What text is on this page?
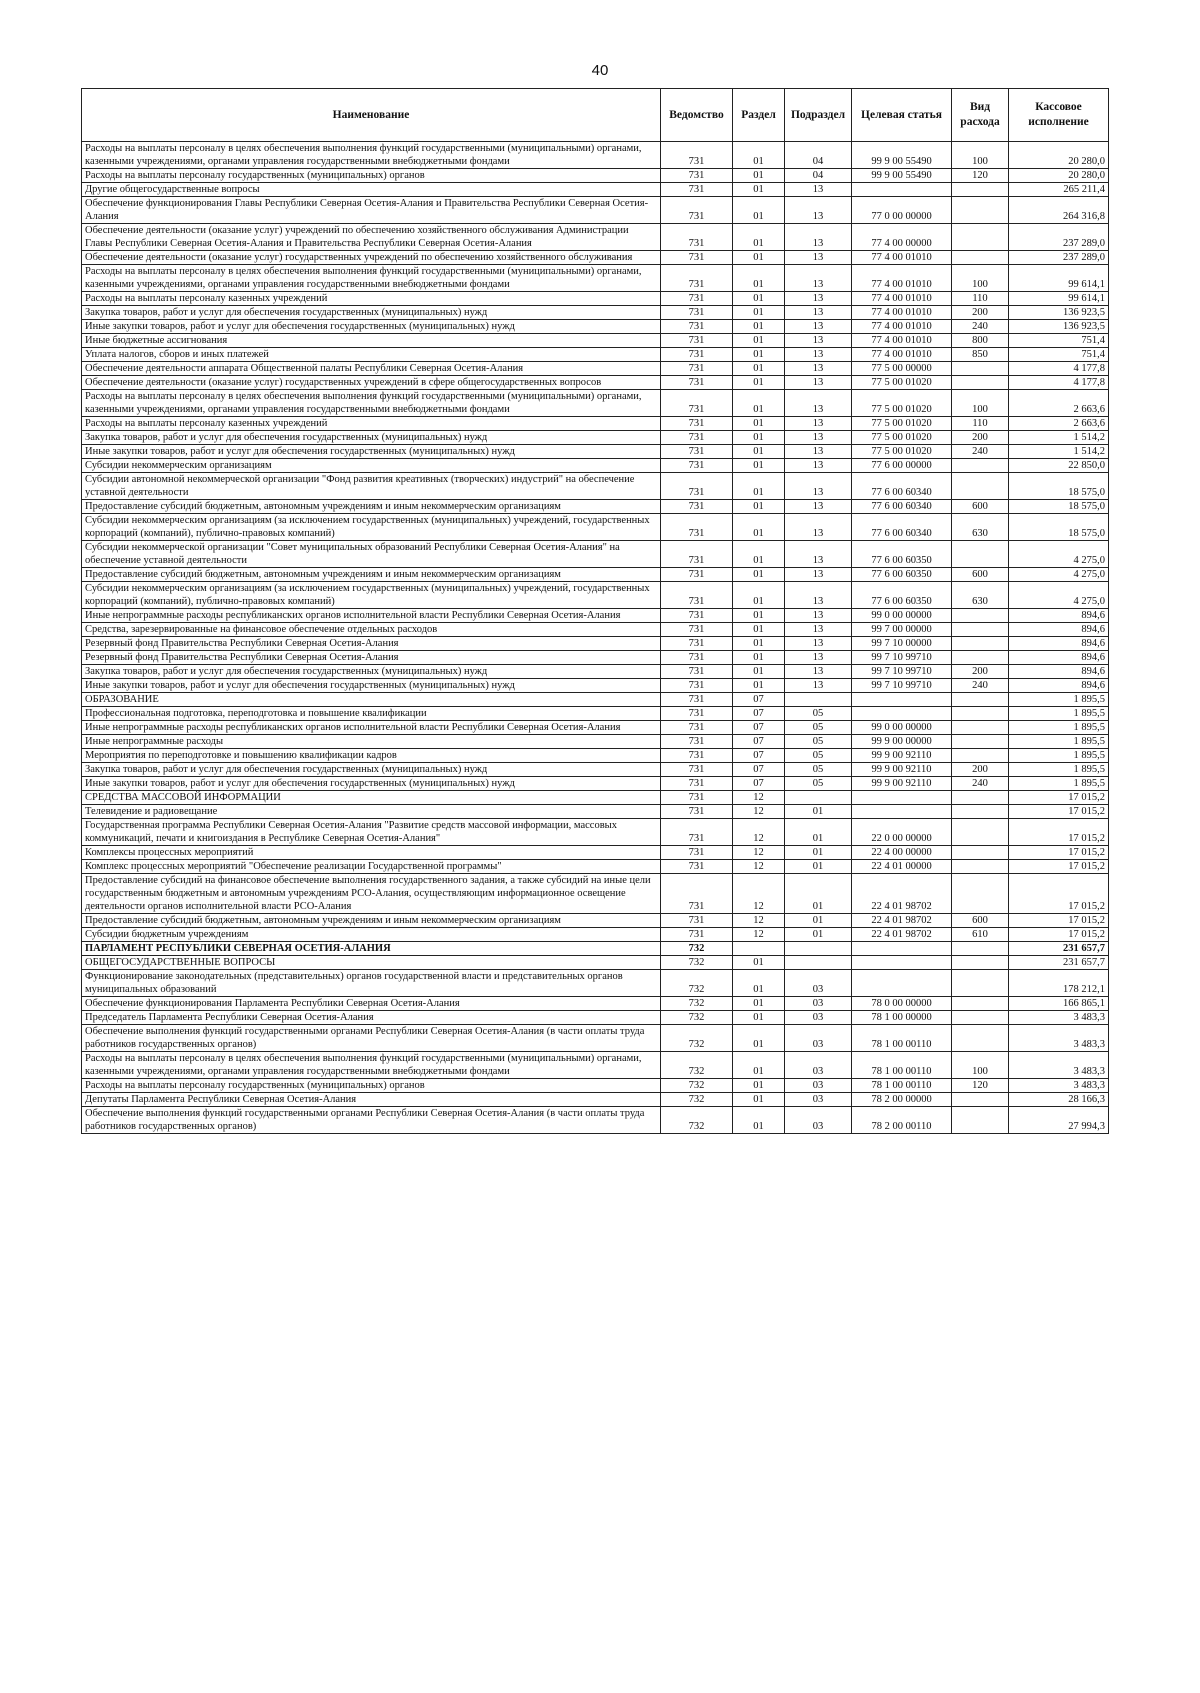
40
Наименование	Ведомство	Раздел	Подраздел	Целевая статья	Вид расхода	Кассовое исполнение
Расходы на выплаты персоналу в целях обеспечения выполнения функций государственными (муниципальными) органами, казенными учреждениями, органами управления государственными внебюджетными фондами	731	01	04	99 9 00 55490	100	20 280,0
Расходы на выплаты персоналу государственных (муниципальных) органов	731	01	04	99 9 00 55490	120	20 280,0
Другие общегосударственные вопросы	731	01	13			265 211,4
Обеспечение функционирования Главы Республики Северная Осетия-Алания и Правительства Республики Северная Осетия-Алания	731	01	13	77 0 00 00000		264 316,8
Обеспечение деятельности (оказание услуг) учреждений по обеспечению хозяйственного обслуживания Администрации Главы Республики Северная Осетия-Алания и Правительства Республики Северная Осетия-Алания	731	01	13	77 4 00 00000		237 289,0
Обеспечение деятельности (оказание услуг) государственных учреждений по обеспечению хозяйственного обслуживания	731	01	13	77 4 00 01010		237 289,0
Расходы на выплаты персоналу в целях обеспечения выполнения функций государственными (муниципальными) органами, казенными учреждениями, органами управления государственными внебюджетными фондами	731	01	13	77 4 00 01010	100	99 614,1
Расходы на выплаты персоналу казенных учреждений	731	01	13	77 4 00 01010	110	99 614,1
Закупка товаров, работ и услуг для обеспечения государственных (муниципальных) нужд	731	01	13	77 4 00 01010	200	136 923,5
Иные закупки товаров, работ и услуг для обеспечения государственных (муниципальных) нужд	731	01	13	77 4 00 01010	240	136 923,5
Иные бюджетные ассигнования	731	01	13	77 4 00 01010	800	751,4
Уплата налогов, сборов и иных платежей	731	01	13	77 4 00 01010	850	751,4
Обеспечение деятельности аппарата Общественной палаты Республики Северная Осетия-Алания	731	01	13	77 5 00 00000		4 177,8
Обеспечение деятельности (оказание услуг) государственных учреждений в сфере общегосударственных вопросов	731	01	13	77 5 00 01020		4 177,8
Расходы на выплаты персоналу в целях обеспечения выполнения функций государственными (муниципальными) органами, казенными учреждениями, органами управления государственными внебюджетными фондами	731	01	13	77 5 00 01020	100	2 663,6
Расходы на выплаты персоналу казенных учреждений	731	01	13	77 5 00 01020	110	2 663,6
Закупка товаров, работ и услуг для обеспечения государственных (муниципальных) нужд	731	01	13	77 5 00 01020	200	1 514,2
Иные закупки товаров, работ и услуг для обеспечения государственных (муниципальных) нужд	731	01	13	77 5 00 01020	240	1 514,2
Субсидии некоммерческим организациям	731	01	13	77 6 00 00000		22 850,0
Субсидии автономной некоммерческой организации "Фонд развития креативных (творческих) индустрий" на обеспечение уставной деятельности	731	01	13	77 6 00 60340		18 575,0
Предоставление субсидий бюджетным, автономным учреждениям и иным некоммерческим организациям	731	01	13	77 6 00 60340	600	18 575,0
Субсидии некоммерческим организациям (за исключением государственных (муниципальных) учреждений, государственных корпораций (компаний), публично-правовых компаний)	731	01	13	77 6 00 60340	630	18 575,0
Субсидии некоммерческой организации "Совет муниципальных образований Республики Северная Осетия-Алания" на обеспечение уставной деятельности	731	01	13	77 6 00 60350		4 275,0
Предоставление субсидий бюджетным, автономным учреждениям и иным некоммерческим организациям	731	01	13	77 6 00 60350	600	4 275,0
Субсидии некоммерческим организациям (за исключением государственных (муниципальных) учреждений, государственных корпораций (компаний), публично-правовых компаний)	731	01	13	77 6 00 60350	630	4 275,0
Иные непрограммные расходы республиканских органов исполнительной власти Республики Северная Осетия-Алания	731	01	13	99 0 00 00000		894,6
Средства, зарезервированные на финансовое обеспечение отдельных расходов	731	01	13	99 7 00 00000		894,6
Резервный фонд Правительства Республики Северная Осетия-Алания	731	01	13	99 7 10 00000		894,6
Резервный фонд Правительства Республики Северная Осетия-Алания	731	01	13	99 7 10 99710		894,6
Закупка товаров, работ и услуг для обеспечения государственных (муниципальных) нужд	731	01	13	99 7 10 99710	200	894,6
Иные закупки товаров, работ и услуг для обеспечения государственных (муниципальных) нужд	731	01	13	99 7 10 99710	240	894,6
ОБРАЗОВАНИЕ	731	07				1 895,5
Профессиональная подготовка, переподготовка и повышение квалификации	731	07	05			1 895,5
Иные непрограммные расходы республиканских органов исполнительной власти Республики Северная Осетия-Алания	731	07	05	99 0 00 00000		1 895,5
Иные непрограммные расходы	731	07	05	99 9 00 00000		1 895,5
Мероприятия по переподготовке и повышению квалификации кадров	731	07	05	99 9 00 92110		1 895,5
Закупка товаров, работ и услуг для обеспечения государственных (муниципальных) нужд	731	07	05	99 9 00 92110	200	1 895,5
Иные закупки товаров, работ и услуг для обеспечения государственных (муниципальных) нужд	731	07	05	99 9 00 92110	240	1 895,5
СРЕДСТВА МАССОВОЙ ИНФОРМАЦИИ	731	12				17 015,2
Телевидение и радиовещание	731	12	01			17 015,2
Государственная программа Республики Северная Осетия-Алания "Развитие средств массовой информации, массовых коммуникаций, печати и книгоиздания в Республике Северная Осетия-Алания"	731	12	01	22 0 00 00000		17 015,2
Комплексы процессных мероприятий	731	12	01	22 4 00 00000		17 015,2
Комплекс процессных мероприятий "Обеспечение реализации Государственной программы"	731	12	01	22 4 01 00000		17 015,2
Предоставление субсидий на финансовое обеспечение выполнения государственного задания, а также субсидий на иные цели государственным бюджетным и автономным учреждениям РСО-Алания, осуществляющим информационное освещение деятельности органов исполнительной власти РСО-Алания	731	12	01	22 4 01 98702		17 015,2
Предоставление субсидий бюджетным, автономным учреждениям и иным некоммерческим организациям	731	12	01	22 4 01 98702	600	17 015,2
Субсидии бюджетным учреждениям	731	12	01	22 4 01 98702	610	17 015,2
ПАРЛАМЕНТ РЕСПУБЛИКИ СЕВЕРНАЯ ОСЕТИЯ-АЛАНИЯ	732					231 657,7
ОБЩЕГОСУДАРСТВЕННЫЕ ВОПРОСЫ	732	01				231 657,7
Функционирование законодательных (представительных) органов государственной власти и представительных органов муниципальных образований	732	01	03			178 212,1
Обеспечение функционирования Парламента Республики Северная Осетия-Алания	732	01	03	78 0 00 00000		166 865,1
Председатель Парламента Республики Северная Осетия-Алания	732	01	03	78 1 00 00000		3 483,3
Обеспечение выполнения функций государственными органами Республики Северная Осетия-Алания (в части оплаты труда работников государственных органов)	732	01	03	78 1 00 00110		3 483,3
Расходы на выплаты персоналу в целях обеспечения выполнения функций государственными (муниципальными) органами, казенными учреждениями, органами управления государственными внебюджетными фондами	732	01	03	78 1 00 00110	100	3 483,3
Расходы на выплаты персоналу государственных (муниципальных) органов	732	01	03	78 1 00 00110	120	3 483,3
Депутаты Парламента Республики Северная Осетия-Алания	732	01	03	78 2 00 00000		28 166,3
Обеспечение выполнения функций государственными органами Республики Северная Осетия-Алания (в части оплаты труда работников государственных органов)	732	01	03	78 2 00 00110		27 994,3
